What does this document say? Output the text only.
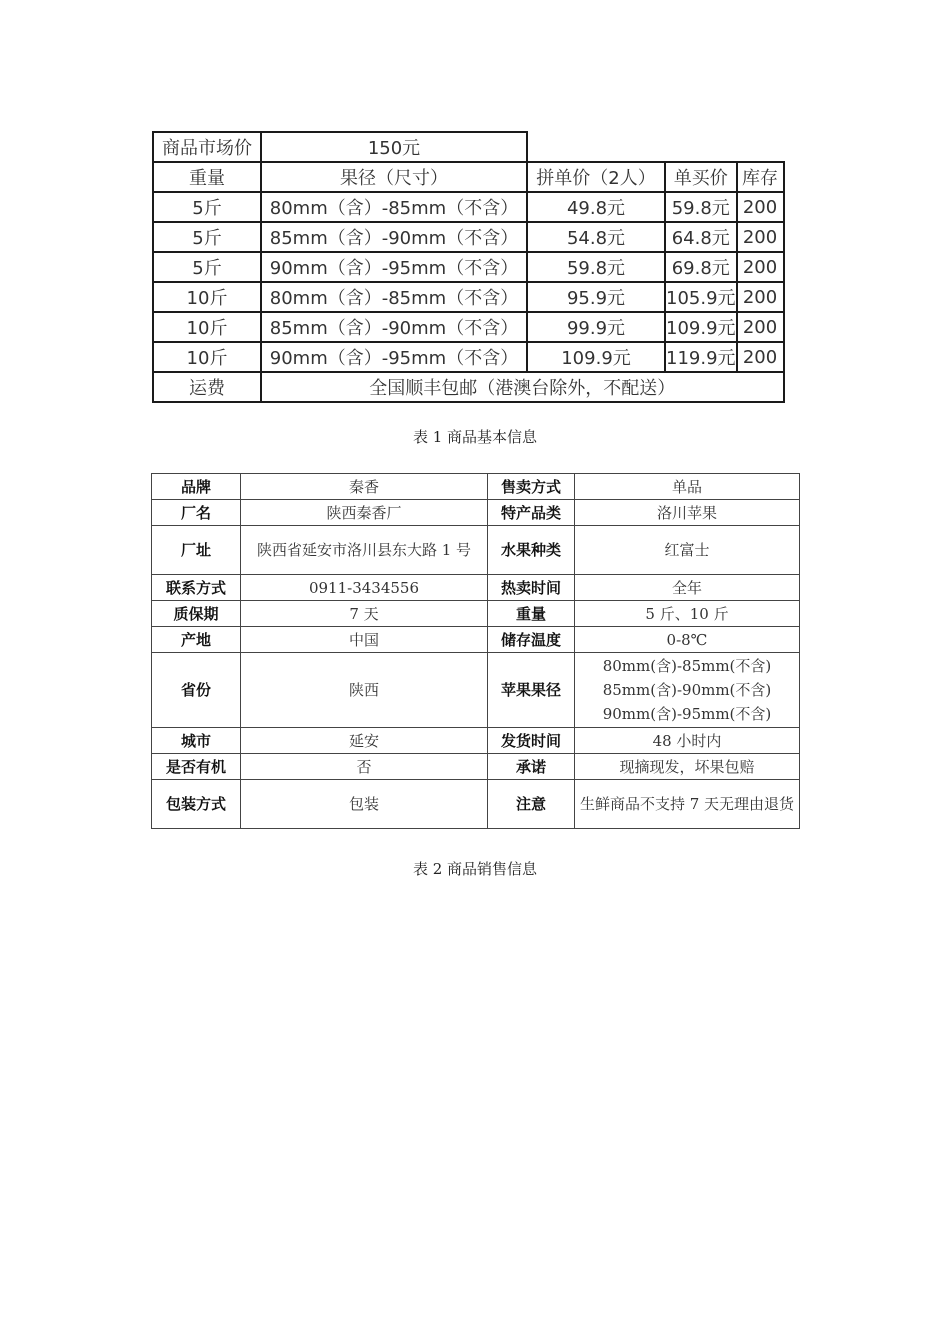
商品市场价	150元			
重量	果径（尺寸）	拼单价（2人）	单买价	库存
5斤	80mm（含）-85mm（不含）	49.8元	59.8元	200
5斤	85mm（含）-90mm（不含）	54.8元	64.8元	200
5斤	90mm（含）-95mm（不含）	59.8元	69.8元	200
10斤	80mm（含）-85mm（不含）	95.9元	105.9元	200
10斤	85mm（含）-90mm（不含）	99.9元	109.9元	200
10斤	90mm（含）-95mm（不含）	109.9元	119.9元	200
运费	全国顺丰包邮（港澳台除外，不配送）			
表 1 商品基本信息
品牌	秦香	售卖方式	单品
厂名	陕西秦香厂	特产品类	洛川苹果
厂址	陕西省延安市洛川县东大路 1 号	水果种类	红富士
联系方式	0911-3434556	热卖时间	全年
质保期	7 天	重量	5 斤、10 斤
产地	中国	储存温度	0-8℃
省份	陕西	苹果果径	80mm(含)-85mm(不含)
85mm(含)-90mm(不含)
90mm(含)-95mm(不含)

城市	延安	发货时间	48 小时内
是否有机	否	承诺	现摘现发，坏果包赔
包装方式	包装	注意	生鲜商品不支持 7 天无理由退货
表 2 商品销售信息
